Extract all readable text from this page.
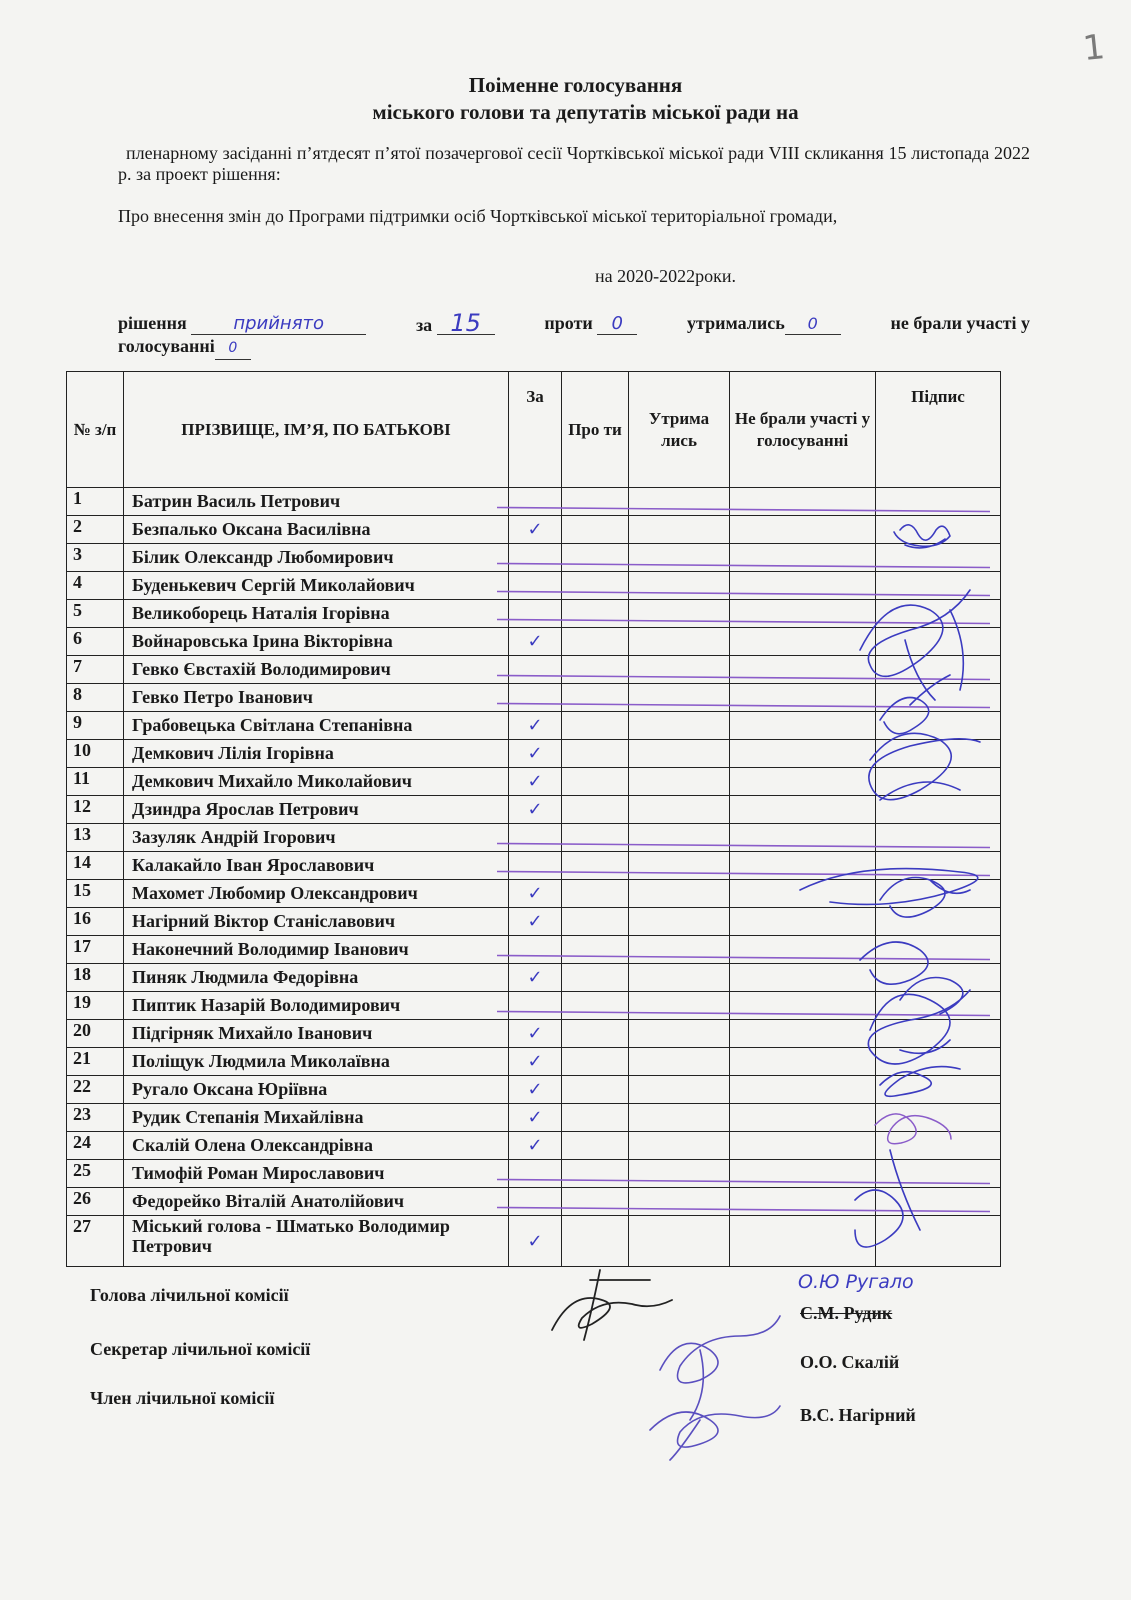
1
Поіменне голосування
міського голови та депутатів міської ради на
пленарному засіданні п’ятдесят п’ятої позачергової сесії Чортківської міської ради VIII скликання 15 листопада 2022 р. за проект рішення:
Про внесення змін до Програми підтримки осіб Чортківської міської територіальної громади,
на 2020-2022роки.
рішення	прийнято	за 15	проти 0	утримались 0	не брали участі у
голосуванні 0
№ з/п	ПРІЗВИЩЕ, ІМ’Я, ПО БАТЬКОВІ	За	Про ти	Утрима лись	Не брали участі у голосуванні	Підпис
1	Батрин Василь Петрович					
2	Безпалько Оксана Василівна	✓				
3	Білик Олександр Любомирович					
4	Буденькевич Сергій Миколайович					
5	Великоборець Наталія Ігорівна					
6	Войнаровська Ірина Вікторівна	✓				
7	Гевко Євстахій Володимирович					
8	Гевко Петро Іванович					
9	Грабовецька Світлана Степанівна	✓				
10	Демкович Лілія Ігорівна	✓				
11	Демкович Михайло Миколайович	✓				
12	Дзиндра Ярослав Петрович	✓				
13	Зазуляк Андрій Ігорович					
14	Калакайло Іван Ярославович					
15	Махомет Любомир Олександрович	✓				
16	Нагірний Віктор Станіславович	✓				
17	Наконечний Володимир Іванович					
18	Пиняк Людмила Федорівна	✓				
19	Пиптик Назарій Володимирович					
20	Підгірняк Михайло Іванович	✓				
21	Поліщук Людмила Миколаївна	✓				
22	Ругало Оксана Юріївна	✓				
23	Рудик Степанія Михайлівна	✓				
24	Скалій Олена Олександрівна	✓				
25	Тимофій Роман Мирославович					
26	Федорейко Віталій Анатолійович					
27	Міський голова - Шматько Володимир Петрович	✓				
О.Ю Ругало
Голова лічильної комісії
Секретар лічильної комісії
Член лічильної комісії
С.М. Рудик
О.О. Скалій
В.С. Нагірний
